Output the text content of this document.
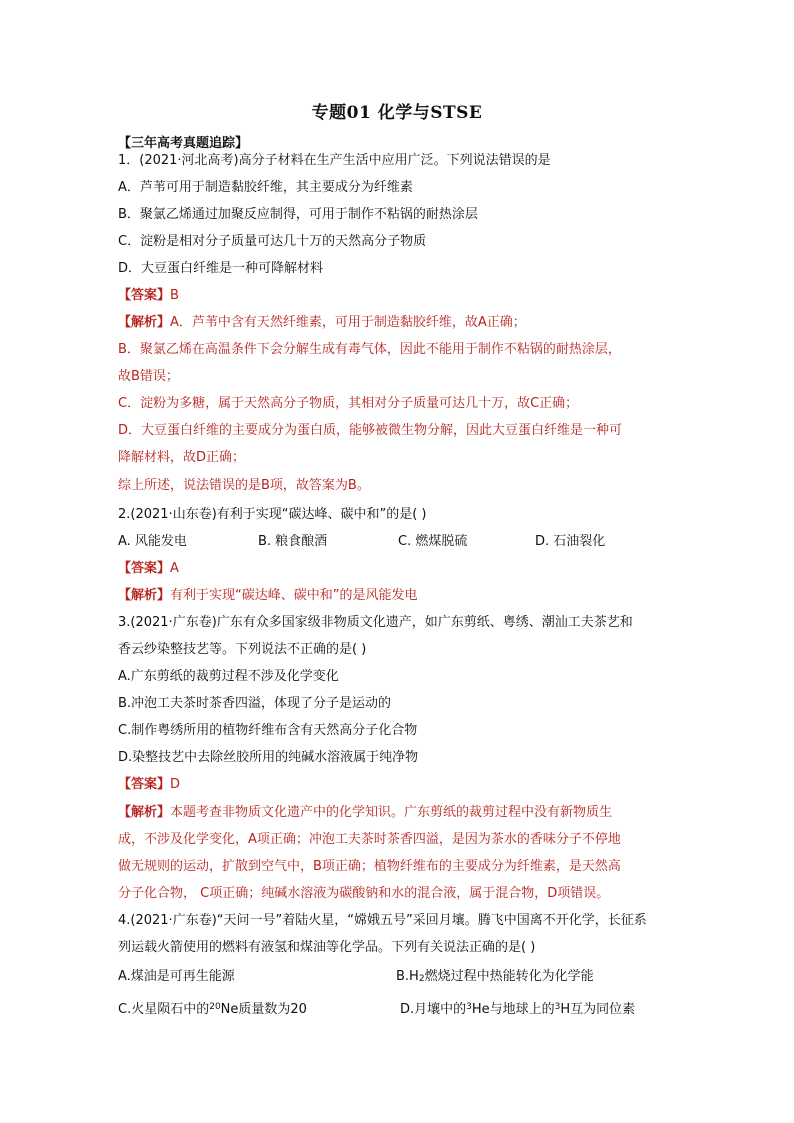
专题01 化学与STSE
【三年高考真题追踪】
1．(2021·河北高考)高分子材料在生产生活中应用广泛。下列说法错误的是
A．芦苇可用于制造黏胶纤维，其主要成分为纤维素
B．聚氯乙烯通过加聚反应制得，可用于制作不粘锅的耐热涂层
C．淀粉是相对分子质量可达几十万的天然高分子物质
D．大豆蛋白纤维是一种可降解材料
【答案】B
【解析】A．芦苇中含有天然纤维素，可用于制造黏胶纤维，故A正确；
B．聚氯乙烯在高温条件下会分解生成有毒气体，因此不能用于制作不粘锅的耐热涂层，
故B错误；
C．淀粉为多糖，属于天然高分子物质，其相对分子质量可达几十万，故C正确；
D．大豆蛋白纤维的主要成分为蛋白质，能够被微生物分解，因此大豆蛋白纤维是一种可
降解材料，故D正确；
综上所述，说法错误的是B项，故答案为B。
2.(2021·山东卷)有利于实现“碳达峰、碳中和”的是( )
A. 风能发电	B. 粮食酿酒	C. 燃煤脱硫	D. 石油裂化
【答案】A
【解析】有利于实现“碳达峰、碳中和”的是风能发电
3.(2021·广东卷)广东有众多国家级非物质文化遗产，如广东剪纸、粤绣、潮汕工夫茶艺和
香云纱染整技艺等。下列说法不正确的是( )
A.广东剪纸的裁剪过程不涉及化学变化
B.冲泡工夫茶时茶香四溢，体现了分子是运动的
C.制作粤绣所用的植物纤维布含有天然高分子化合物
D.染整技艺中去除丝胶所用的纯碱水溶液属于纯净物
【答案】D
【解析】本题考查非物质文化遗产中的化学知识。广东剪纸的裁剪过程中没有新物质生
成，不涉及化学变化，A项正确；冲泡工夫茶时茶香四溢，是因为茶水的香味分子不停地
做无规则的运动，扩散到空气中，B项正确；植物纤维布的主要成分为纤维素，是天然高
分子化合物， C项正确；纯碱水溶液为碳酸钠和水的混合液，属于混合物，D项错误。
4.(2021·广东卷)“天问一号”着陆火星，“嫦娥五号”采回月壤。腾飞中国离不开化学，长征系
列运载火箭使用的燃料有液氢和煤油等化学品。下列有关说法正确的是( )
A.煤油是可再生能源	$B.H_2$燃烧过程中热能转化为化学能
C.火星陨石中的$^{20}$Ne质量数为20	D.月壤中的$^3$He与地球上的$^3$H互为同位素
